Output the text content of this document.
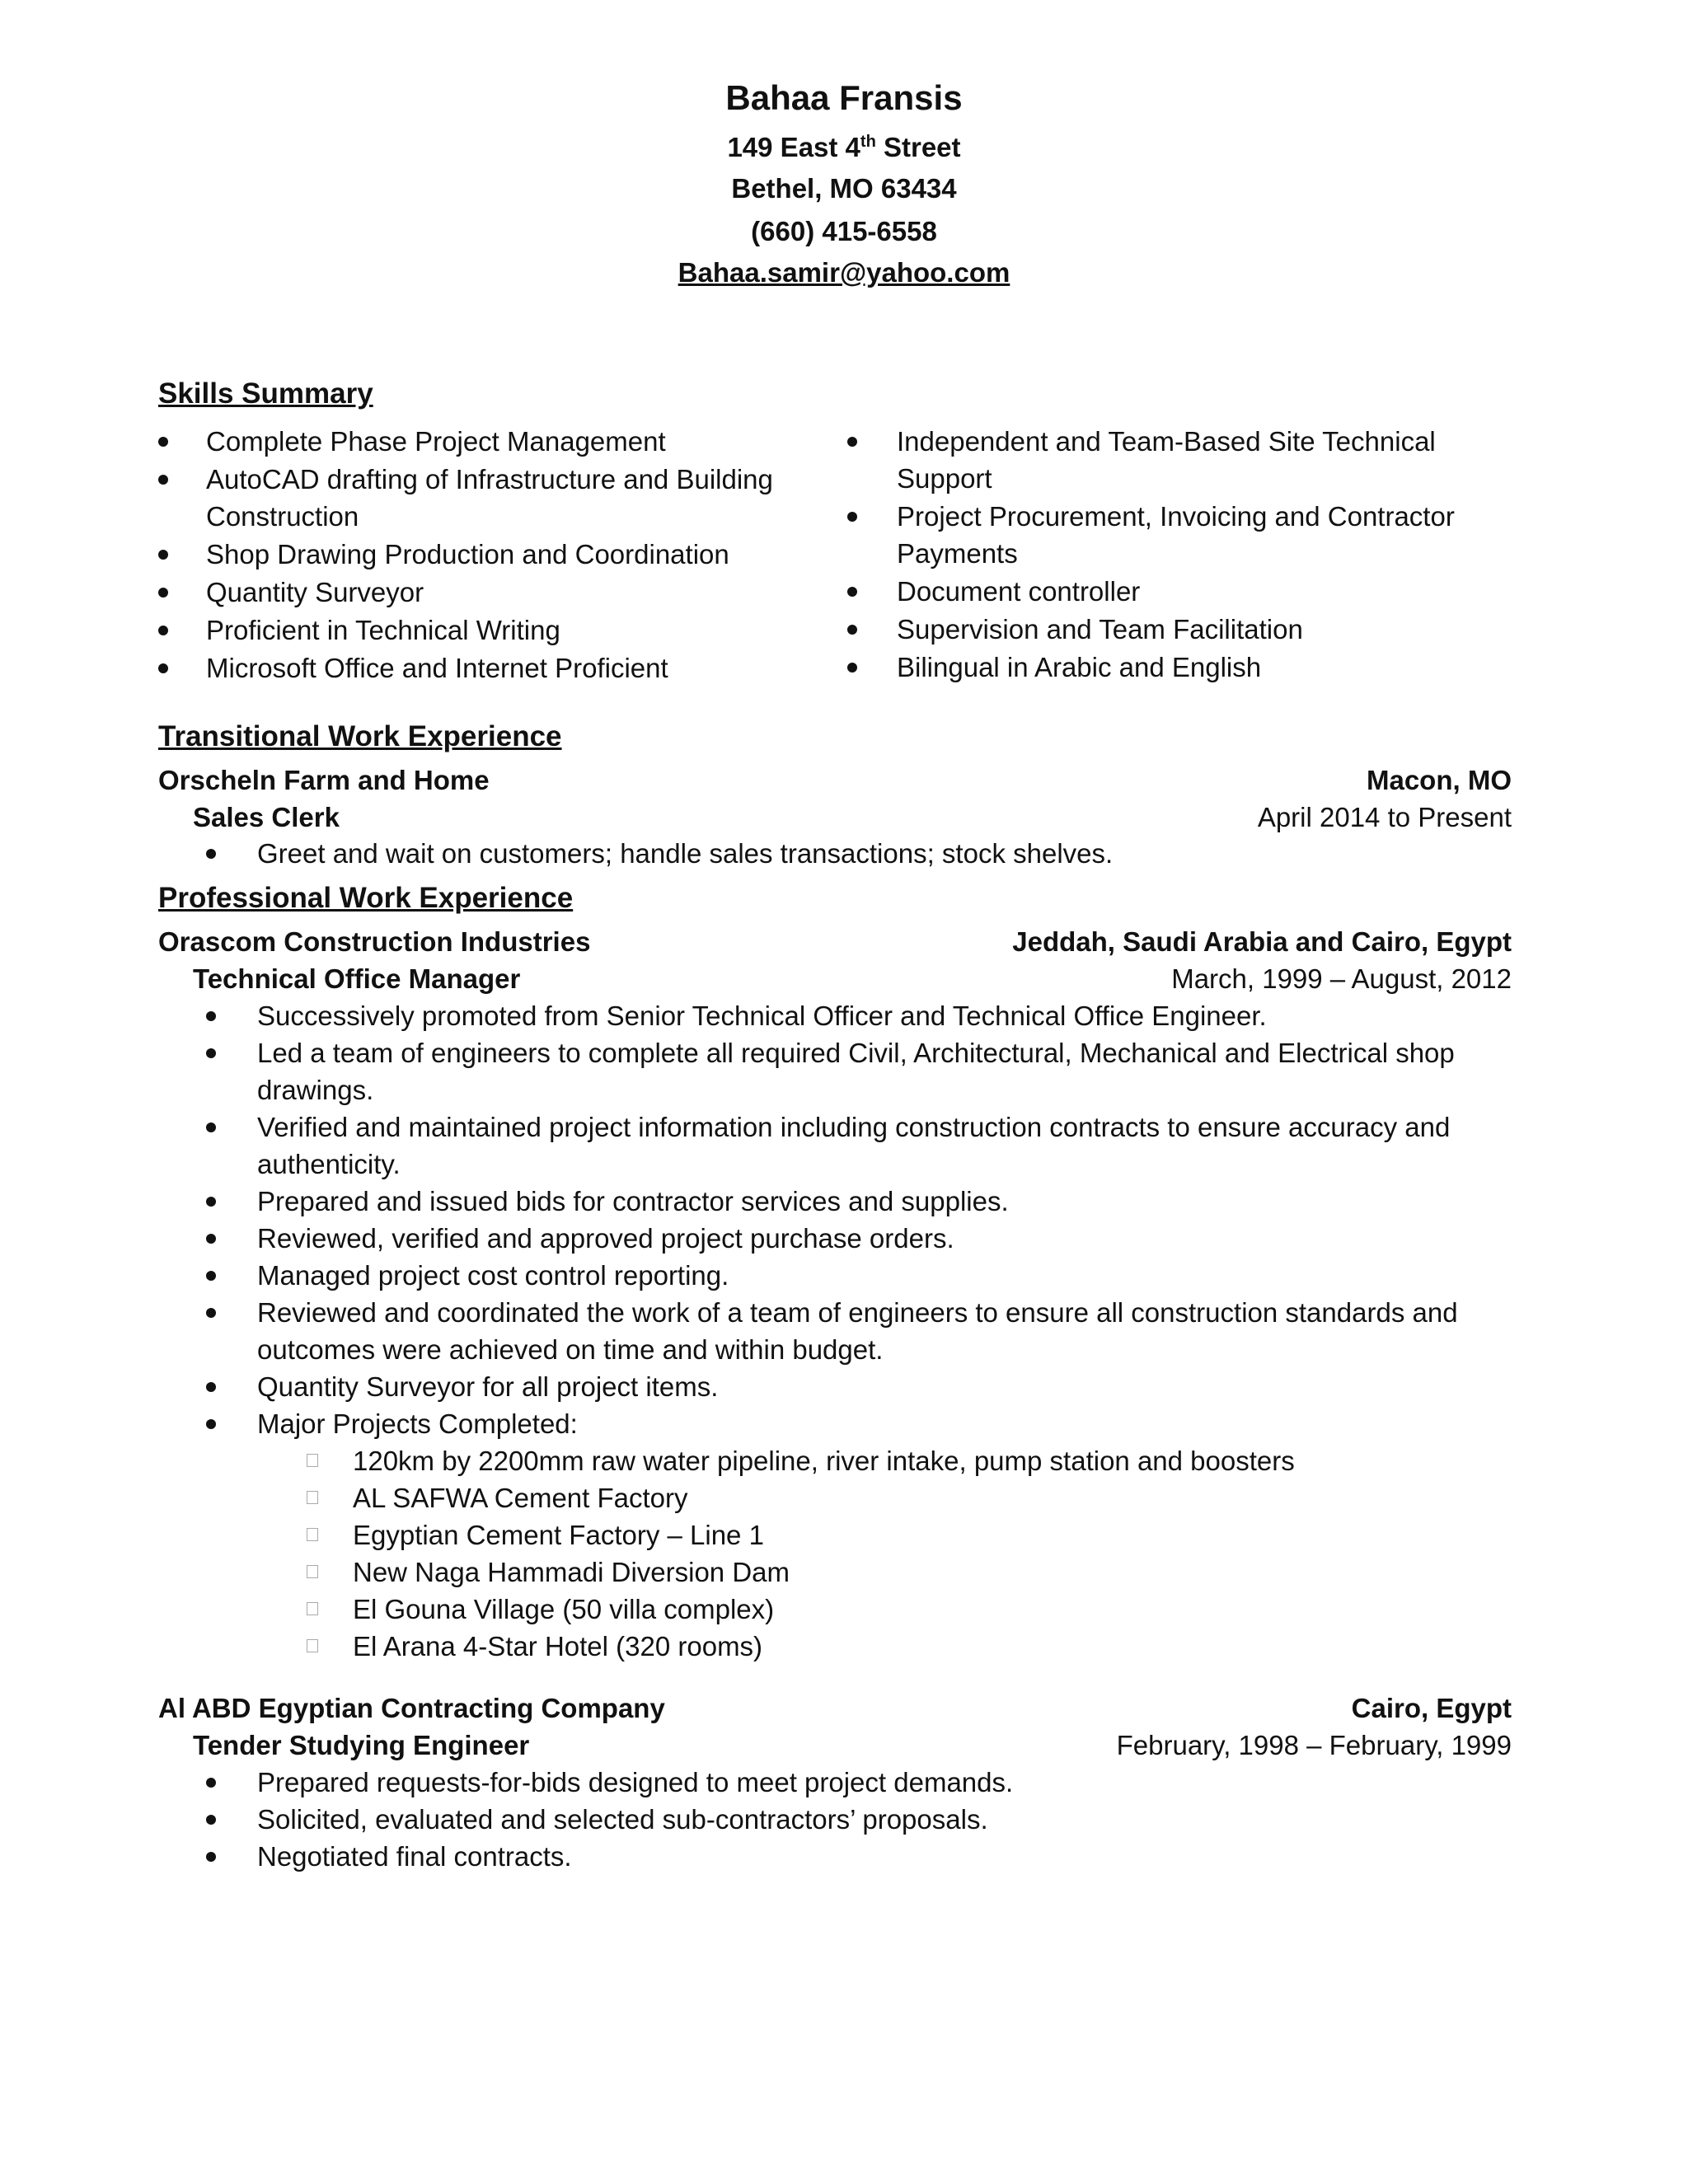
Bahaa Fransis
149 East 4th Street
Bethel, MO 63434
(660) 415-6558
Bahaa.samir@yahoo.com
Skills Summary
Complete Phase Project Management
AutoCAD drafting of Infrastructure and Building Construction
Shop Drawing Production and Coordination
Quantity Surveyor
Proficient in Technical Writing
Microsoft Office and Internet Proficient
Independent and Team-Based Site Technical Support
Project Procurement, Invoicing and Contractor Payments
Document controller
Supervision and Team Facilitation
Bilingual in Arabic and English
Transitional Work Experience
Orscheln Farm and Home	Macon, MO
Sales Clerk	April 2014 to Present
Greet and wait on customers; handle sales transactions; stock shelves.
Professional Work Experience
Orascom Construction Industries	Jeddah, Saudi Arabia and Cairo, Egypt
Technical Office Manager	March, 1999 – August, 2012
Successively promoted from Senior Technical Officer and Technical Office Engineer.
Led a team of engineers to complete all required Civil, Architectural, Mechanical and Electrical shop drawings.
Verified and maintained project information including construction contracts to ensure accuracy and authenticity.
Prepared and issued bids for contractor services and supplies.
Reviewed, verified and approved project purchase orders.
Managed project cost control reporting.
Reviewed and coordinated the work of a team of engineers to ensure all construction standards and outcomes were achieved on time and within budget.
Quantity Surveyor for all project items.
Major Projects Completed:
120km by 2200mm raw water pipeline, river intake, pump station and boosters
AL SAFWA Cement Factory
Egyptian Cement Factory – Line 1
New Naga Hammadi Diversion Dam
El Gouna Village (50 villa complex)
El Arana 4-Star Hotel (320 rooms)
Al ABD Egyptian Contracting Company	Cairo, Egypt
Tender Studying Engineer	February, 1998 – February, 1999
Prepared requests-for-bids designed to meet project demands.
Solicited, evaluated and selected sub-contractors’ proposals.
Negotiated final contracts.
